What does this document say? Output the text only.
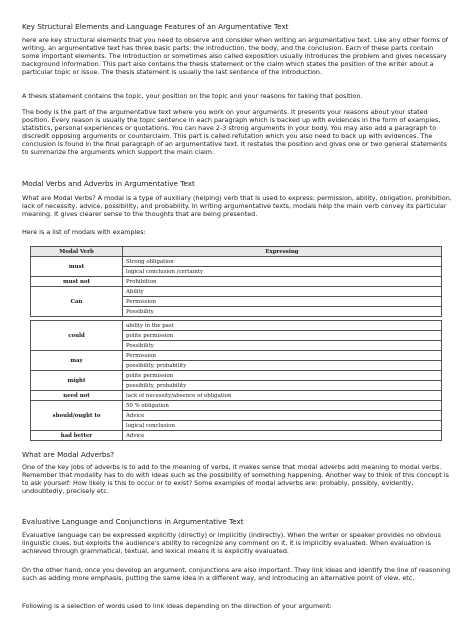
Key Structural Elements and Language Features of an Argumentative Text
here are key structural elements that you need to observe and consider when writing an argumentative text. Like any other forms of writing, an argumentative text has three basic parts: the introduction, the body, and the conclusion. Each of these parts contain some important elements. The introduction or sometimes also called exposition usually introduces the problem and gives necessary background information. This part also contains the thesis statement or the claim which states the position of the writer about a particular topic or issue. The thesis statement is usually the last sentence of the introduction.
A thesis statement contains the topic, your position on the topic and your reasons for taking that position.
The body is the part of the argumentative text where you work on your arguments. It presents your reasons about your stated position. Every reason is usually the topic sentence in each paragraph which is backed up with evidences in the form of examples, statistics, personal experiences or quotations. You can have 2-3 strong arguments in your body. You may also add a paragraph to discredit opposing arguments or counterclaim. This part is called refutation which you also need to back up with evidences. The conclusion is found in the final paragraph of an argumentative text. It restates the position and gives one or two general statements to summarize the arguments which support the main claim.
Modal Verbs and Adverbs in Argumentative Text
What are Modal Verbs? A modal is a type of auxiliary (helping) verb that is used to express: permission, ability, obligation, prohibition, lack of necessity, advice, possibility, and probability. In writing argumentative texts, modals help the main verb convey its particular meaning. It gives clearer sense to the thoughts that are being presented.
Here is a list of modals with examples:
Modal Verb	Expressing
must	Strong obligation
	logical conclusion /certainty
must not	Prohibition
Can	Ability
	Permission
	Possibility
could	ability in the past
	polite permission
	Possibility
may	Permission
	possibility, probability
might	polite permission
	possibility, probability
need not	lack of necessity/absence of obligation
should/ought to	50 % obligation
	Advice
	logical conclusion
had better	Advice
What are Modal Adverbs?
One of the key jobs of adverbs is to add to the meaning of verbs, it makes sense that modal adverbs add meaning to modal verbs. Remember that modality has to do with ideas such as the possibility of something happening. Another way to think of this concept is to ask yourself: How likely is this to occur or to exist? Some examples of modal adverbs are: probably, possibly, evidently, undoubtedly, precisely etc.
Evaluative Language and Conjunctions in Argumentative Text
Evaluative language can be expressed explicitly (directly) or implicitly (indirectly). When the writer or speaker provides no obvious linguistic clues, but exploits the audience's ability to recognize any comment on it, it is implicitly evaluated. When evaluation is achieved through grammatical, textual, and lexical means it is explicitly evaluated.
On the other hand, once you develop an argument, conjunctions are also important. They link ideas and identify the line of reasoning such as adding more emphasis, putting the same idea in a different way, and introducing an alternative point of view, etc.
Following is a selection of words used to link ideas depending on the direction of your argument:
